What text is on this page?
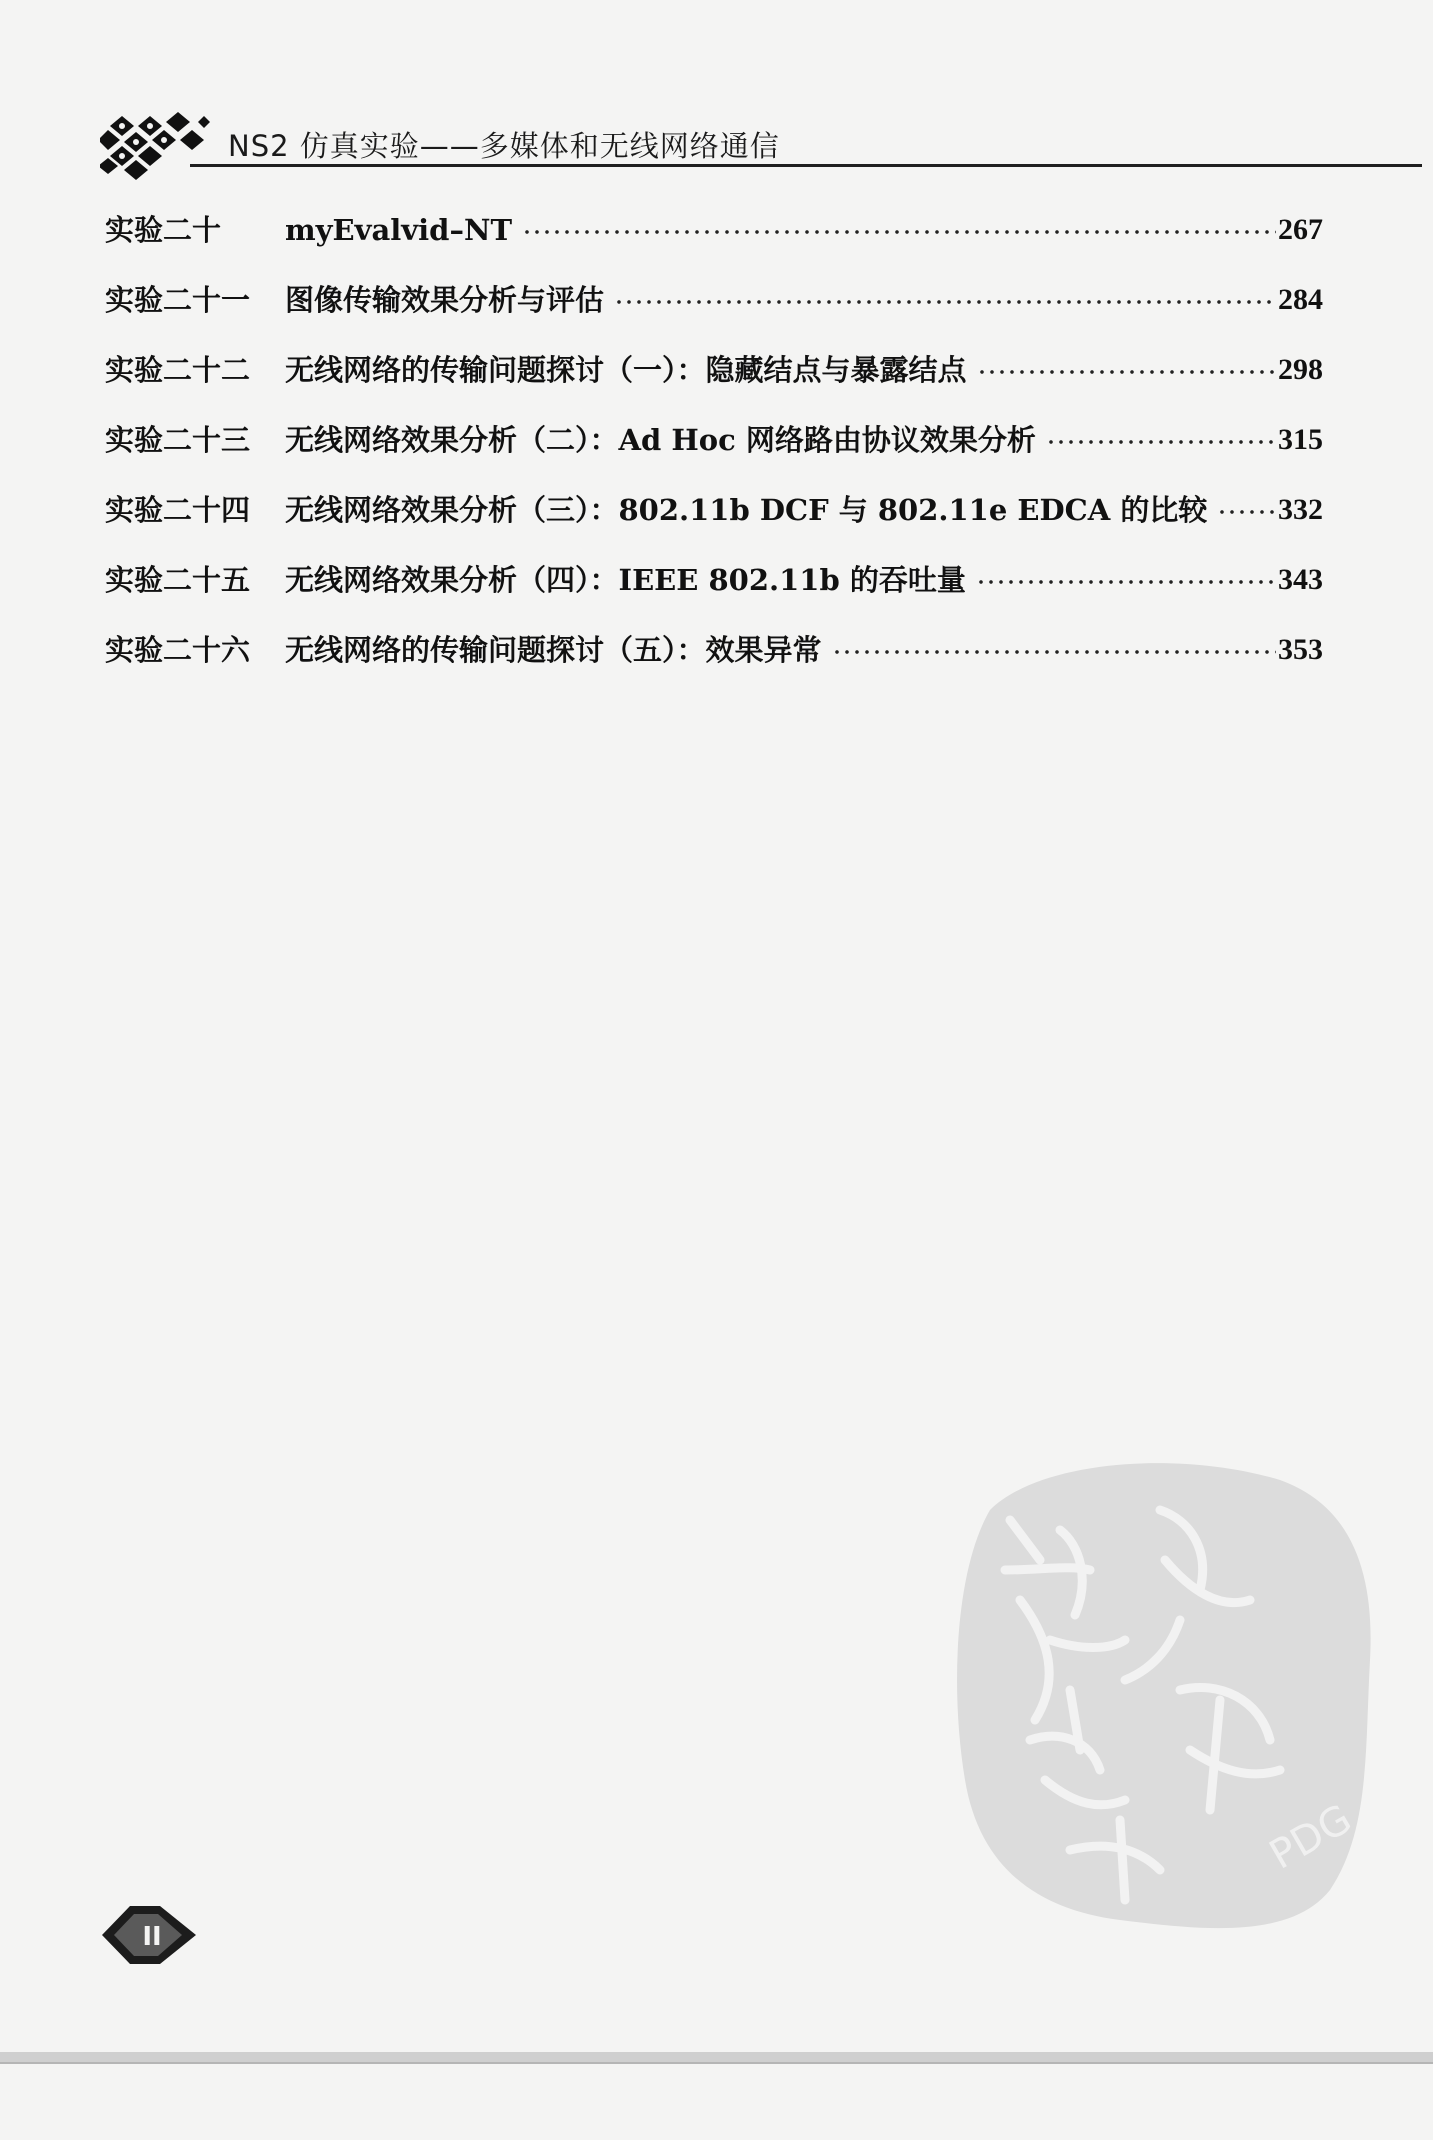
NS2 仿真实验——多媒体和无线网络通信
实验二十	myEvalvid–NT	267
实验二十一	图像传输效果分析与评估	284
实验二十二	无线网络的传输问题探讨（一）：隐藏结点与暴露结点	298
实验二十三	无线网络效果分析（二）：Ad Hoc 网络路由协议效果分析	315
实验二十四	无线网络效果分析（三）：802.11b DCF 与 802.11e EDCA 的比较 332
实验二十五	无线网络效果分析（四）：IEEE 802.11b 的吞吐量	343
实验二十六	无线网络的传输问题探讨（五）：效果异常	353
II
PDG
